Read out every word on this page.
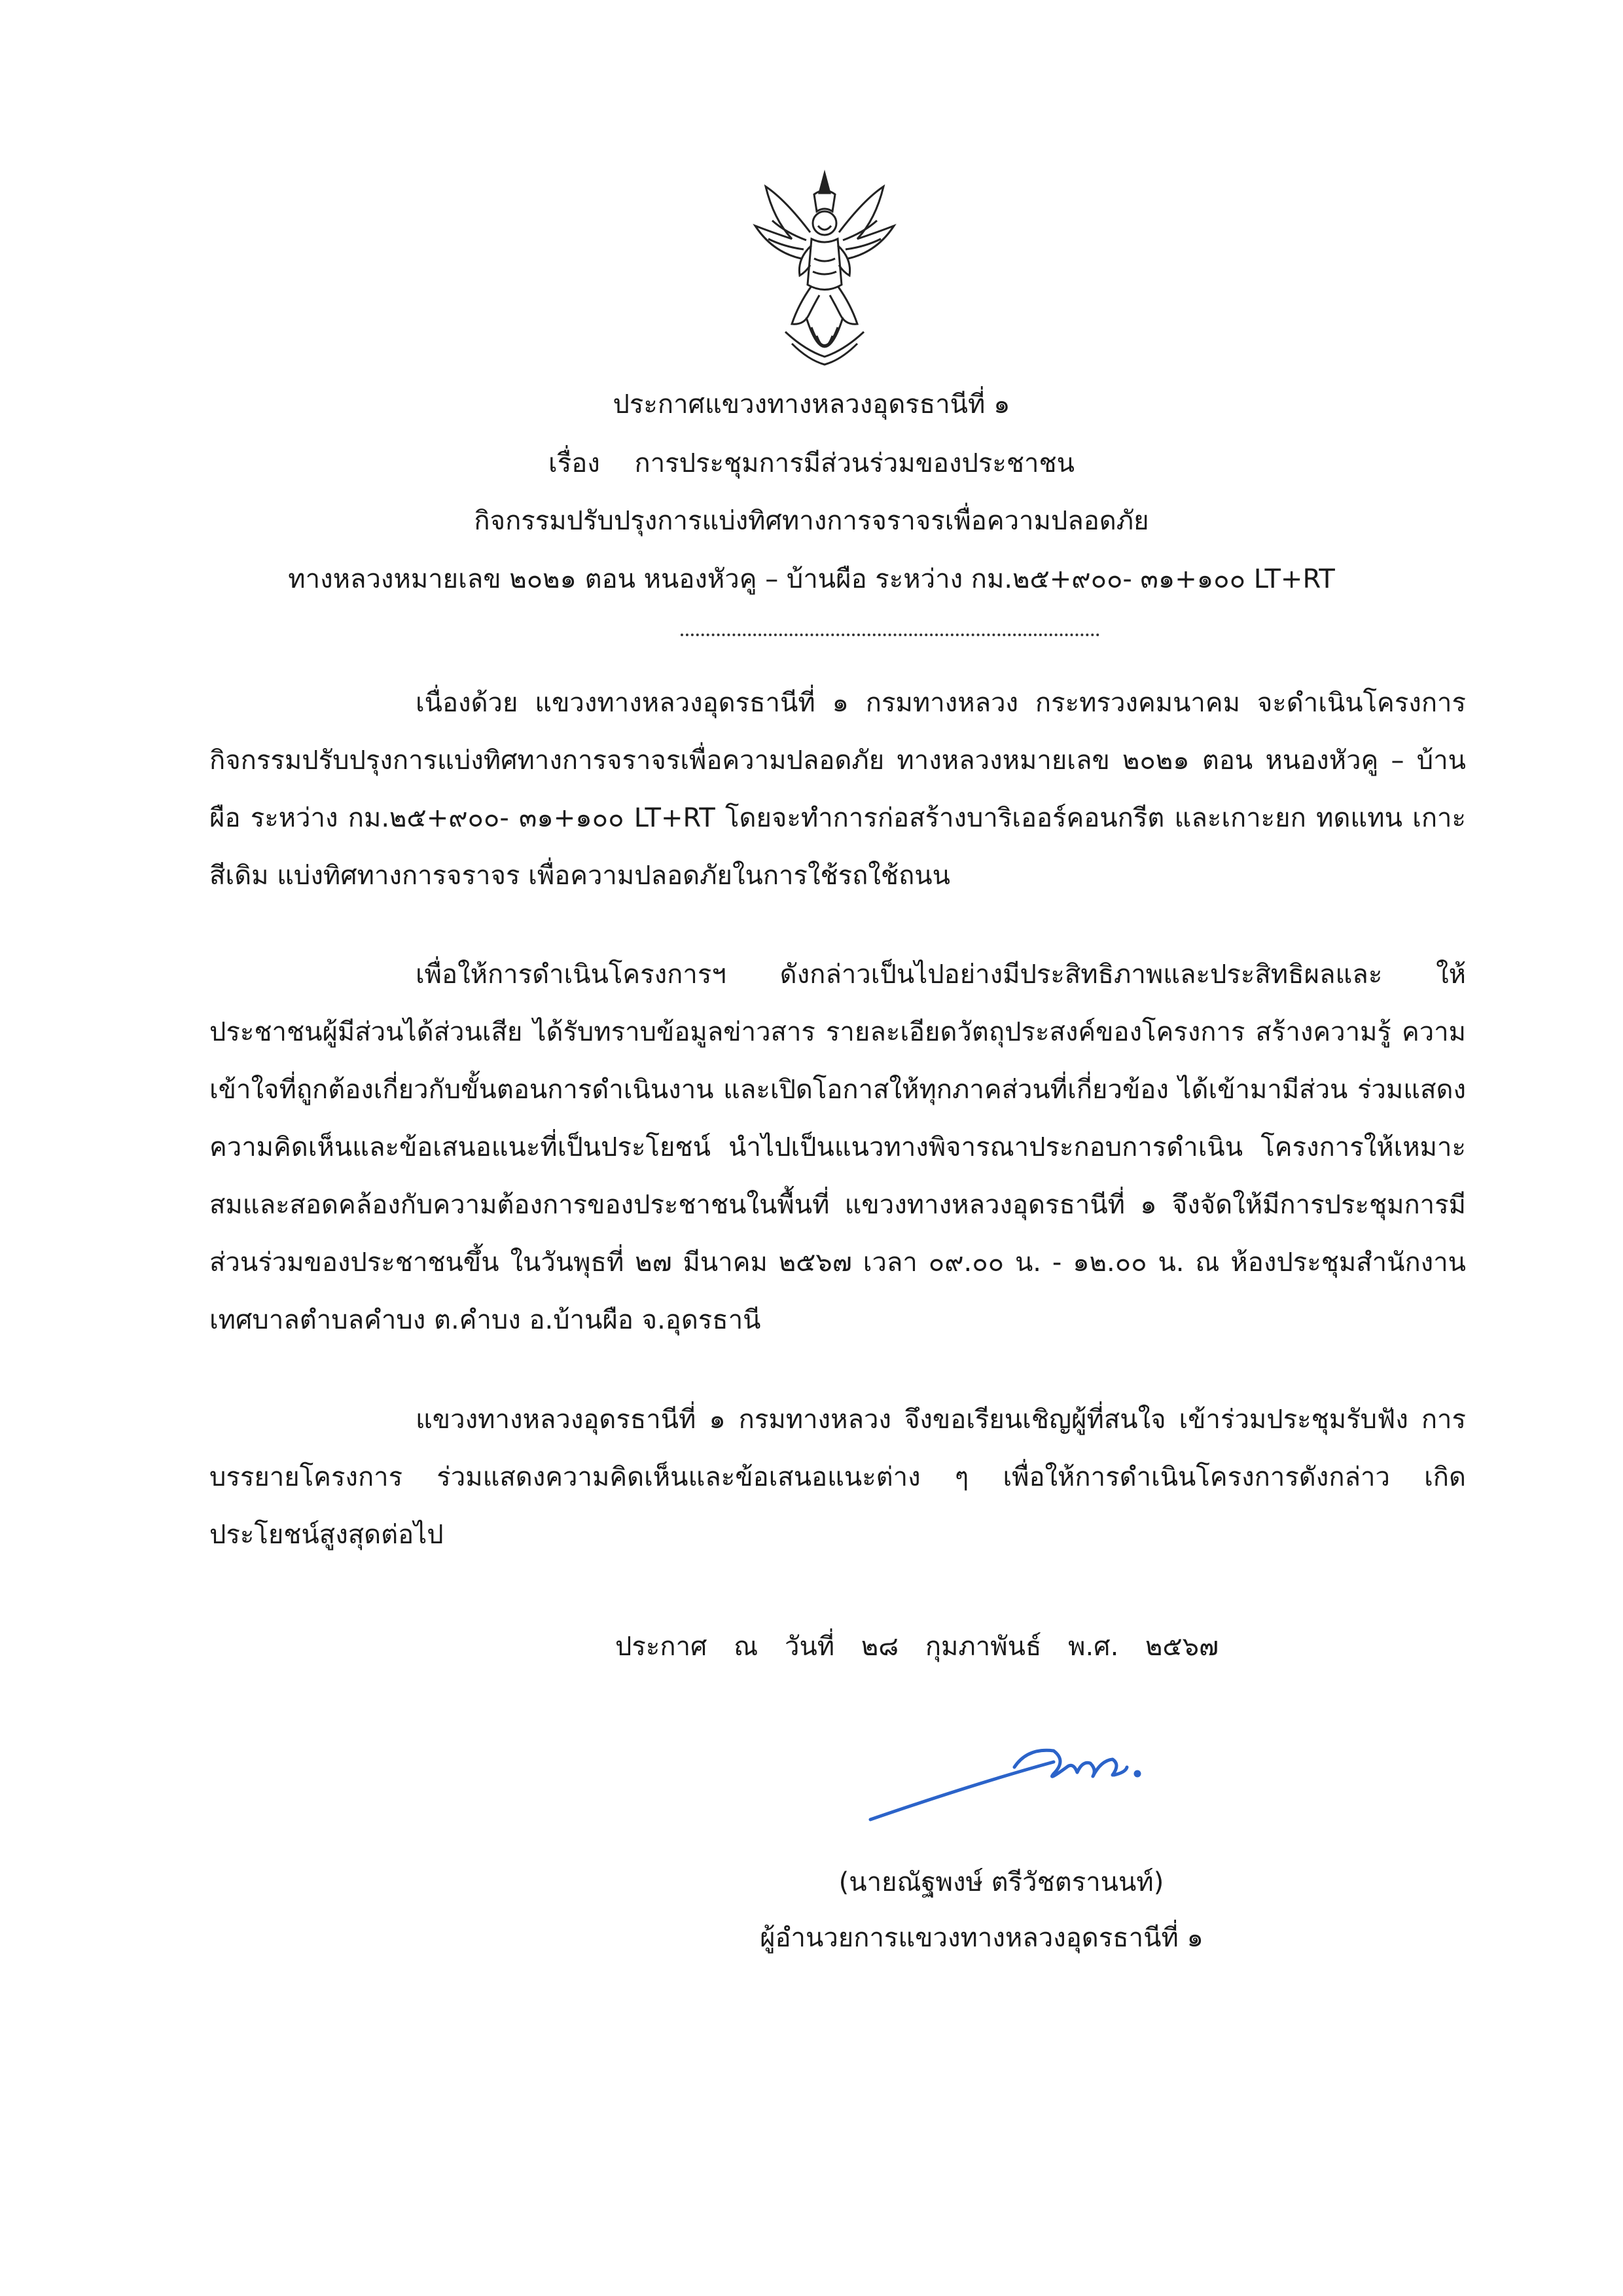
ประกาศแขวงทางหลวงอุดรธานีที่ ๑
เรื่อง การประชุมการมีส่วนร่วมของประชาชน
กิจกรรมปรับปรุงการแบ่งทิศทางการจราจรเพื่อความปลอดภัย
ทางหลวงหมายเลข ๒๐๒๑ ตอน หนองหัวคู – บ้านผือ ระหว่าง กม.๒๕+๙๐๐- ๓๑+๑๐๐ LT+RT

เนื่องด้วย แขวงทางหลวงอุดรธานีที่ ๑ กรมทางหลวง กระทรวงคมนาคม จะดำเนินโครงการ กิจกรรมปรับปรุงการแบ่งทิศทางการจราจรเพื่อความปลอดภัย ทางหลวงหมายเลข ๒๐๒๑ ตอน หนองหัวคู – บ้านผือ ระหว่าง กม.๒๕+๙๐๐- ๓๑+๑๐๐ LT+RT โดยจะทำการก่อสร้างบาริเออร์คอนกรีต และเกาะยก ทดแทน เกาะสีเดิม แบ่งทิศทางการจราจร เพื่อความปลอดภัยในการใช้รถใช้ถนน

เพื่อให้การดำเนินโครงการฯ ดังกล่าวเป็นไปอย่างมีประสิทธิภาพและประสิทธิผลและ ให้ประชาชนผู้มีส่วนได้ส่วนเสีย ได้รับทราบข้อมูลข่าวสาร รายละเอียดวัตถุประสงค์ของโครงการ สร้างความรู้ ความเข้าใจที่ถูกต้องเกี่ยวกับขั้นตอนการดำเนินงาน และเปิดโอกาสให้ทุกภาคส่วนที่เกี่ยวข้อง ได้เข้ามามีส่วน ร่วมแสดงความคิดเห็นและข้อเสนอแนะที่เป็นประโยชน์ นำไปเป็นแนวทางพิจารณาประกอบการดำเนิน โครงการให้เหมาะสมและสอดคล้องกับความต้องการของประชาชนในพื้นที่ แขวงทางหลวงอุดรธานีที่ ๑ จึงจัดให้มีการประชุมการมีส่วนร่วมของประชาชนขึ้น ในวันพุธที่ ๒๗ มีนาคม ๒๕๖๗ เวลา ๐๙.๐๐ น. - ๑๒.๐๐ น. ณ ห้องประชุมสำนักงานเทศบาลตำบลคำบง ต.คำบง อ.บ้านผือ จ.อุดรธานี

แขวงทางหลวงอุดรธานีที่ ๑ กรมทางหลวง จึงขอเรียนเชิญผู้ที่สนใจ เข้าร่วมประชุมรับฟัง การบรรยายโครงการ ร่วมแสดงความคิดเห็นและข้อเสนอแนะต่าง ๆ เพื่อให้การดำเนินโครงการดังกล่าว เกิดประโยชน์สูงสุดต่อไป

ประกาศ ณ วันที่ ๒๘ กุมภาพันธ์ พ.ศ. ๒๕๖๗
(นายณัฐพงษ์ ตรีวัชตรานนท์)
ผู้อำนวยการแขวงทางหลวงอุดรธานีที่ ๑
